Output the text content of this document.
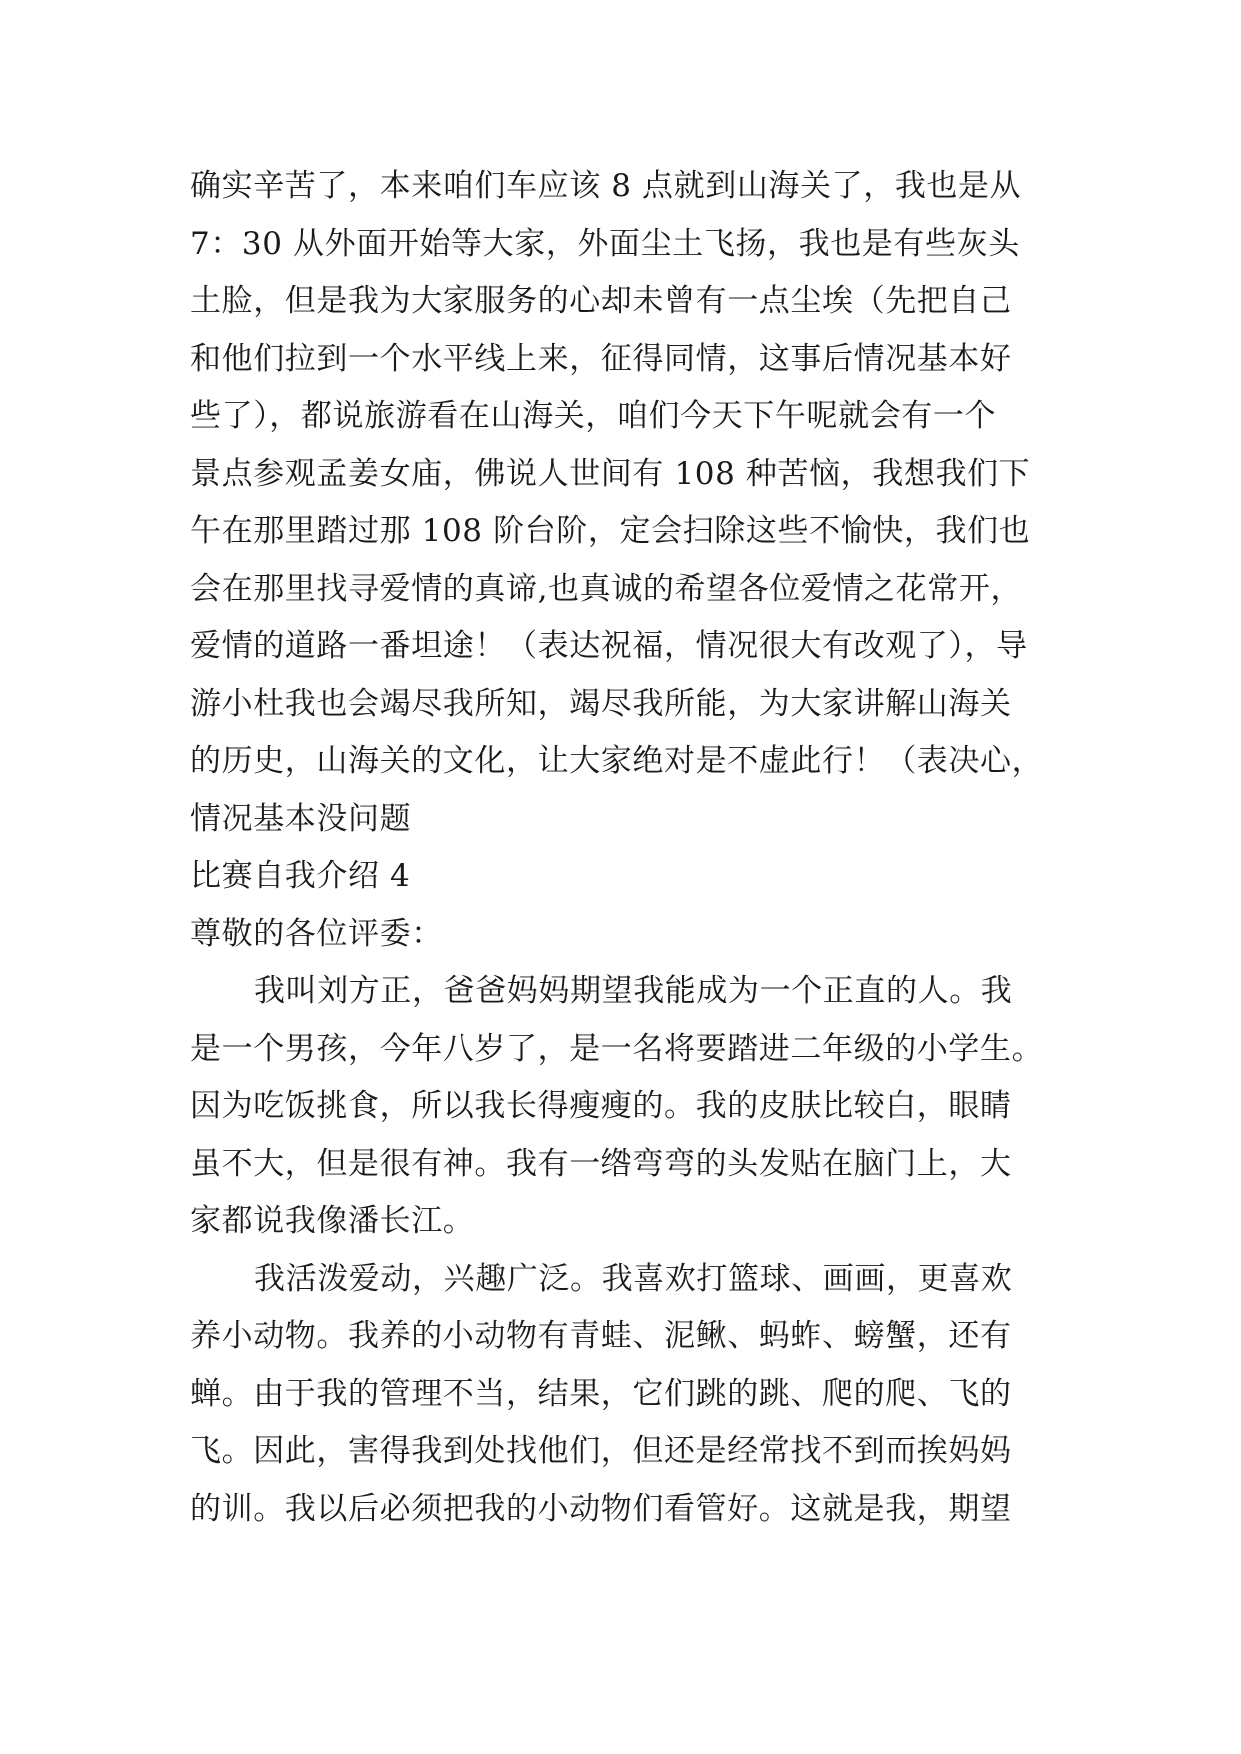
确实辛苦了，本来咱们车应该 8 点就到山海关了，我也是从
7：30 从外面开始等大家，外面尘土飞扬，我也是有些灰头
土脸，但是我为大家服务的心却未曾有一点尘埃（先把自己
和他们拉到一个水平线上来，征得同情，这事后情况基本好
些了），都说旅游看在山海关，咱们今天下午呢就会有一个
景点参观孟姜女庙，佛说人世间有 108 种苦恼，我想我们下
午在那里踏过那 108 阶台阶，定会扫除这些不愉快，我们也
会在那里找寻爱情的真谛,也真诚的希望各位爱情之花常开，
爱情的道路一番坦途！（表达祝福，情况很大有改观了），导
游小杜我也会竭尽我所知，竭尽我所能，为大家讲解山海关
的历史，山海关的文化，让大家绝对是不虚此行！（表决心，
情况基本没问题
比赛自我介绍 4
尊敬的各位评委：
我叫刘方正，爸爸妈妈期望我能成为一个正直的人。我
是一个男孩，今年八岁了，是一名将要踏进二年级的小学生。
因为吃饭挑食，所以我长得瘦瘦的。我的皮肤比较白，眼睛
虽不大，但是很有神。我有一绺弯弯的头发贴在脑门上，大
家都说我像潘长江。
我活泼爱动，兴趣广泛。我喜欢打篮球、画画，更喜欢
养小动物。我养的小动物有青蛙、泥鳅、蚂蚱、螃蟹，还有
蝉。由于我的管理不当，结果，它们跳的跳、爬的爬、飞的
飞。因此，害得我到处找他们，但还是经常找不到而挨妈妈
的训。我以后必须把我的小动物们看管好。这就是我，期望
